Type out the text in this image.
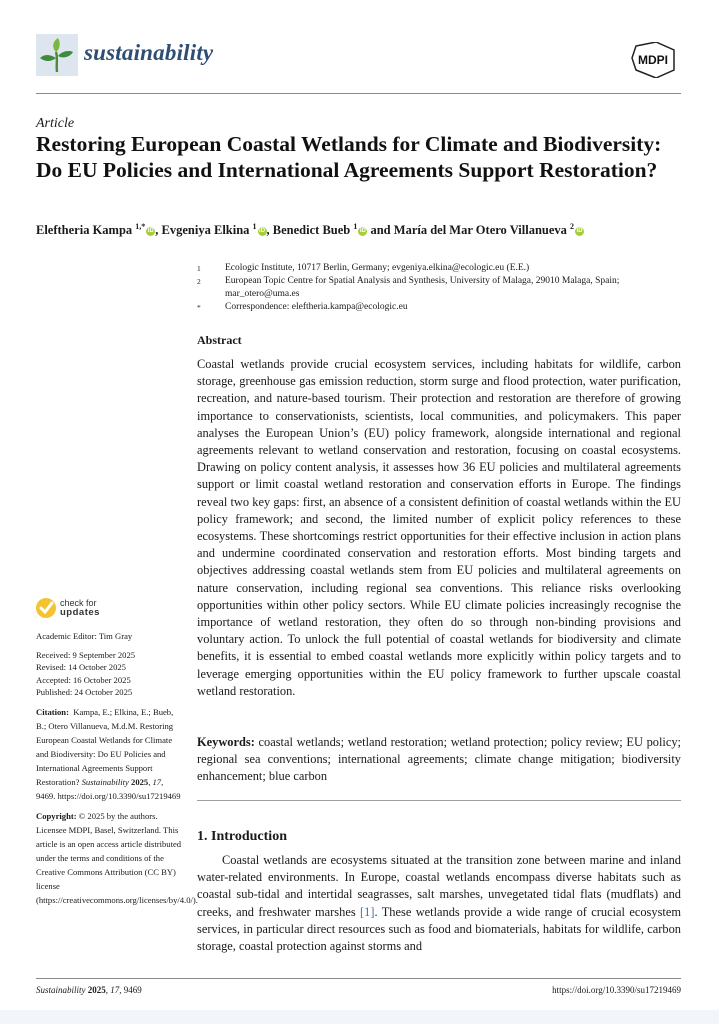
sustainability	MDPI
Article
Restoring European Coastal Wetlands for Climate and Biodiversity: Do EU Policies and International Agreements Support Restoration?
Eleftheria Kampa $^{1,*}$ iD , Evgeniya Elkina $^1$ iD , Benedict Bueb $^1$ iD and María del Mar Otero Villanueva $^2$ iD
1	Ecologic Institute, 10717 Berlin, Germany; evgeniya.elkina@ecologic.eu (E.E.)
2	European Topic Centre for Spatial Analysis and Synthesis, University of Malaga, 29010 Malaga, Spain; mar_otero@uma.es
*	Correspondence: eleftheria.kampa@ecologic.eu
Abstract
Coastal wetlands provide crucial ecosystem services, including habitats for wildlife, carbon storage, greenhouse gas emission reduction, storm surge and flood protection, water purification, recreation, and nature-based tourism. Their protection and restoration are therefore of growing importance to conservationists, scientists, local communities, and policymakers. This paper analyses the European Union’s (EU) policy framework, alongside international and regional agreements relevant to wetland conservation and restoration, focusing on coastal ecosystems. Drawing on policy content analysis, it assesses how 36 EU policies and multilateral agreements support or limit coastal wetland restoration and conservation efforts in Europe. The findings reveal two key gaps: first, an absence of a consistent definition of coastal wetlands within the EU policy framework; and second, the limited number of explicit policy references to these ecosystems. These shortcomings restrict opportunities for their effective inclusion in action plans and undermine coordinated conservation and restoration efforts. Most binding targets and objectives addressing coastal wetlands stem from EU policies and multilateral agreements on nature conservation, including regional sea conventions. This reliance risks overlooking opportunities within other policy sectors. While EU climate policies increasingly recognise the importance of wetland restoration, they often do so through non-binding provisions and voluntary action. To unlock the full potential of coastal wetlands for biodiversity and climate benefits, it is essential to embed coastal wetlands more explicitly within policy targets and to leverage emerging opportunities within the EU policy framework to further upscale coastal wetland restoration.
Keywords: coastal wetlands; wetland restoration; wetland protection; policy review; EU policy; regional sea conventions; international agreements; climate change mitigation; biodiversity enhancement; blue carbon
1. Introduction
Coastal wetlands are ecosystems situated at the transition zone between marine and inland water-related environments. In Europe, coastal wetlands encompass diverse habitats such as coastal sub-tidal and intertidal seagrasses, salt marshes, unvegetated tidal flats (mudflats) and creeks, and freshwater marshes [1]. These wetlands provide a wide range of crucial ecosystem services, in particular direct resources such as food and biomaterials, habitats for wildlife, carbon storage, coastal protection against storms and
check for
updates
Academic Editor: Tim Gray
Received: 9 September 2025
Revised: 14 October 2025
Accepted: 16 October 2025
Published: 24 October 2025
Citation: Kampa, E.; Elkina, E.; Bueb, B.; Otero Villanueva, M.d.M. Restoring European Coastal Wetlands for Climate and Biodiversity: Do EU Policies and International Agreements Support Restoration? Sustainability 2025, 17, 9469. https://doi.org/10.3390/su17219469
Copyright: © 2025 by the authors. Licensee MDPI, Basel, Switzerland. This article is an open access article distributed under the terms and conditions of the Creative Commons Attribution (CC BY) license (https://creativecommons.org/licenses/by/4.0/).
Sustainability 2025, 17, 9469	https://doi.org/10.3390/su17219469
